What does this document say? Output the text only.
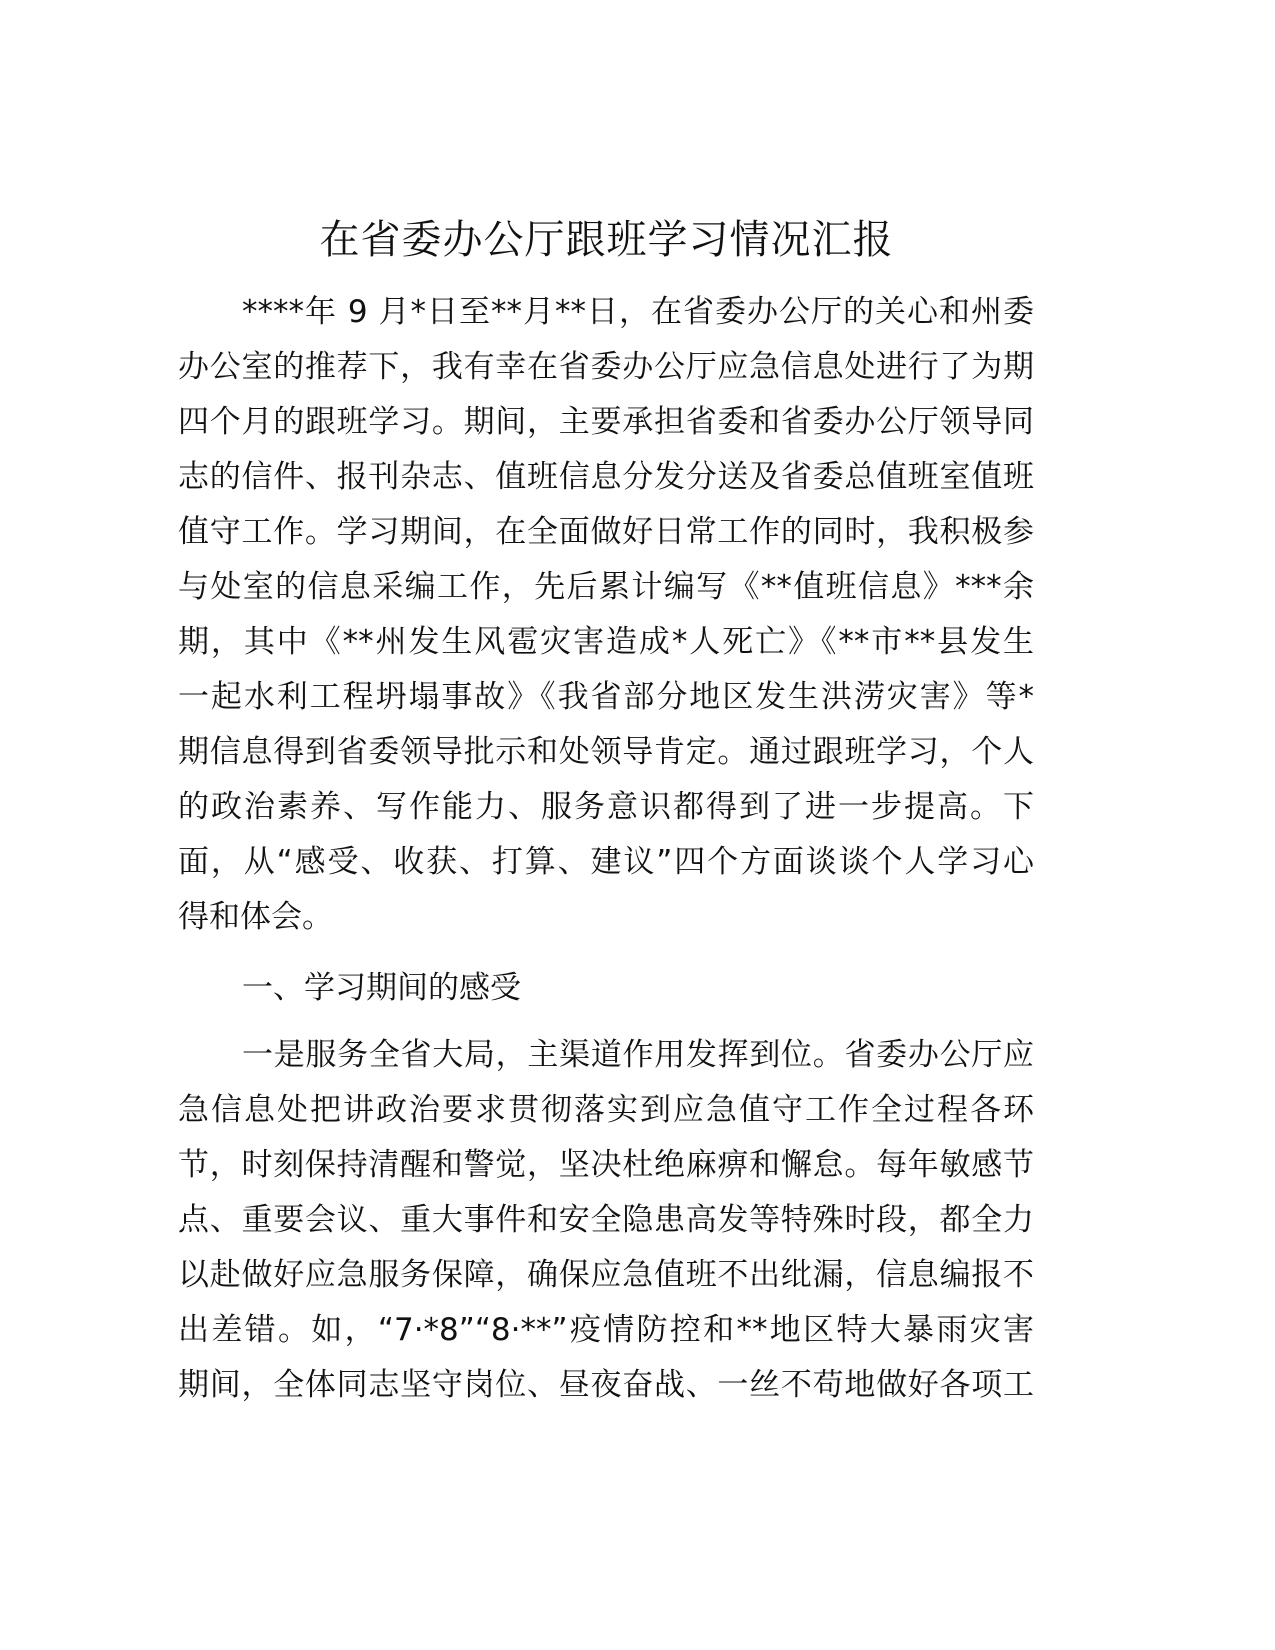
在省委办公厅跟班学习情况汇报
****年 9 月*日至**月**日，在省委办公厅的关心和州委
办公室的推荐下，我有幸在省委办公厅应急信息处进行了为期
四个月的跟班学习。期间，主要承担省委和省委办公厅领导同
志的信件、报刊杂志、值班信息分发分送及省委总值班室值班
值守工作。学习期间，在全面做好日常工作的同时，我积极参
与处室的信息采编工作，先后累计编写《**值班信息》***余
期，其中《**州发生风雹灾害造成*人死亡》《**市**县发生
一起水利工程坍塌事故》《我省部分地区发生洪涝灾害》等*
期信息得到省委领导批示和处领导肯定。通过跟班学习，个人
的政治素养、写作能力、服务意识都得到了进一步提高。下
面，从“感受、收获、打算、建议”四个方面谈谈个人学习心
得和体会。
一、学习期间的感受
一是服务全省大局，主渠道作用发挥到位。省委办公厅应
急信息处把讲政治要求贯彻落实到应急值守工作全过程各环
节，时刻保持清醒和警觉，坚决杜绝麻痹和懈怠。每年敏感节
点、重要会议、重大事件和安全隐患高发等特殊时段，都全力
以赴做好应急服务保障，确保应急值班不出纰漏，信息编报不
出差错。如，“7·*8”“8·**”疫情防控和**地区特大暴雨灾害
期间，全体同志坚守岗位、昼夜奋战、一丝不苟地做好各项工
